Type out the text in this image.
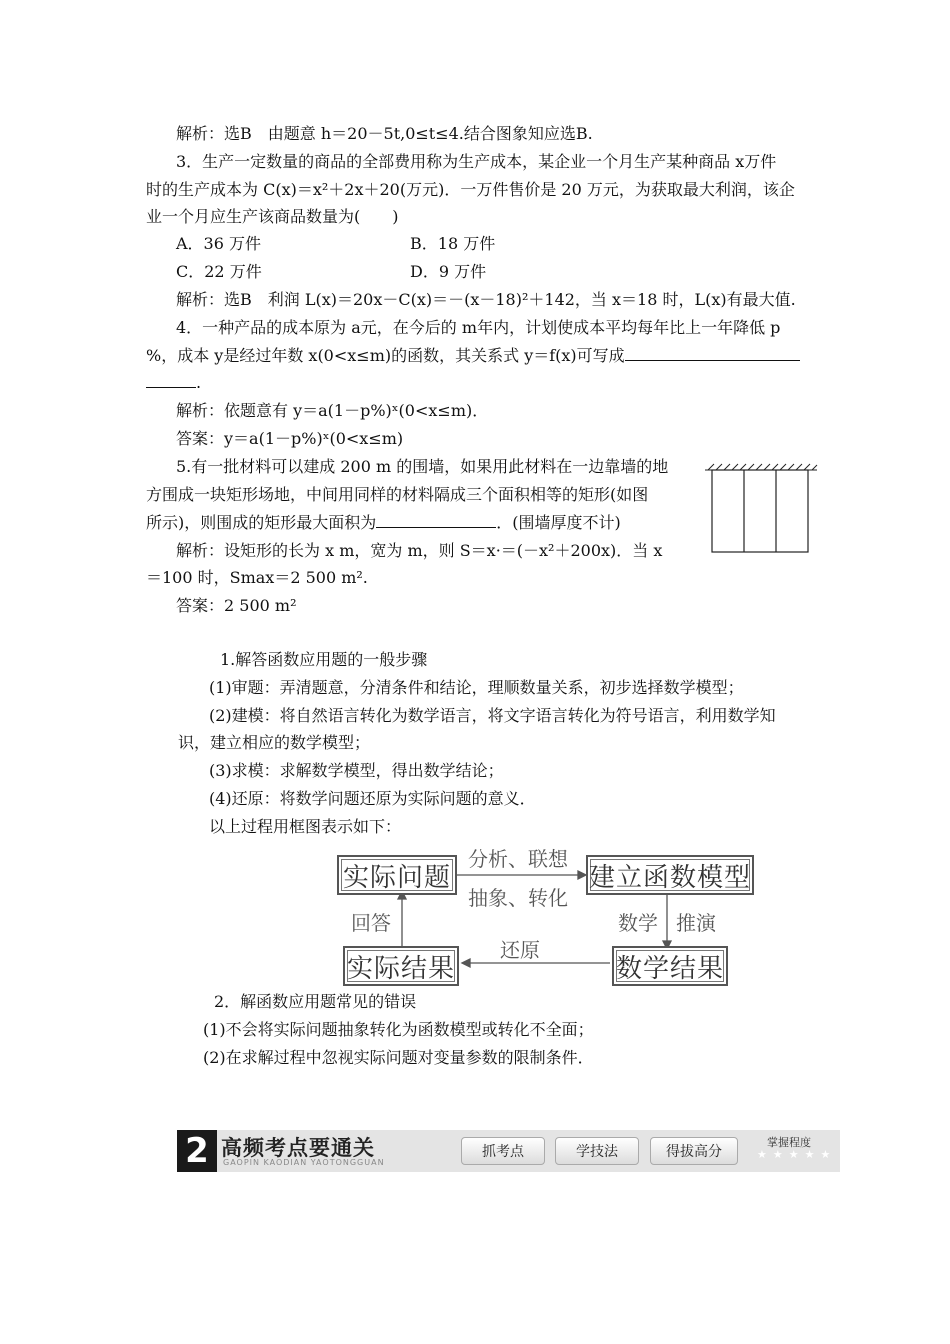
解析：选B　由题意 h＝20－5t,0≤t≤4.结合图象知应选B.
3．生产一定数量的商品的全部费用称为生产成本，某企业一个月生产某种商品 x万件
时的生产成本为 C(x)＝x²＋2x＋20(万元)．一万件售价是 20 万元，为获取最大利润，该企
业一个月应生产该商品数量为(　　)
A．36 万件	B．18 万件
C．22 万件	D．9 万件
解析：选B　利润 L(x)＝20x－C(x)＝－(x－18)²＋142，当 x＝18 时，L(x)有最大值.
4．一种产品的成本原为 a元，在今后的 m年内，计划使成本平均每年比上一年降低 p
%，成本 y是经过年数 x(0<x≤m)的函数，其关系式 y＝f(x)可写成
.
解析：依题意有 y＝a(1－p%)ˣ(0<x≤m)．
答案：y＝a(1－p%)ˣ(0<x≤m)
5.有一批材料可以建成 200 m 的围墙，如果用此材料在一边靠墙的地
方围成一块矩形场地，中间用同样的材料隔成三个面积相等的矩形(如图
所示)，则围成的矩形最大面积为	．(围墙厚度不计)
解析：设矩形的长为 x m，宽为 m，则 S＝x·＝(－x²＋200x)．当 x
＝100 时，Smax＝2 500 m².
答案：2 500 m²
1.解答函数应用题的一般步骤
(1)审题：弄清题意，分清条件和结论，理顺数量关系，初步选择数学模型；
(2)建模：将自然语言转化为数学语言，将文字语言转化为符号语言，利用数学知
识，建立相应的数学模型；
(3)求模：求解数学模型，得出数学结论；
(4)还原：将数学问题还原为实际问题的意义．
以上过程用框图表示如下：
实际问题	建立函数模型
数学结果
实际结果
分析、联想
抽象、转化
数学 推演
还原
回答
2．解函数应用题常见的错误
(1)不会将实际问题抽象转化为函数模型或转化不全面；
(2)在求解过程中忽视实际问题对变量参数的限制条件．
2 高频考点要通关
GAOPIN KAODIAN YAOTONGGUAN
抓考点	学技法	得拔高分
掌握程度
★★★★★
